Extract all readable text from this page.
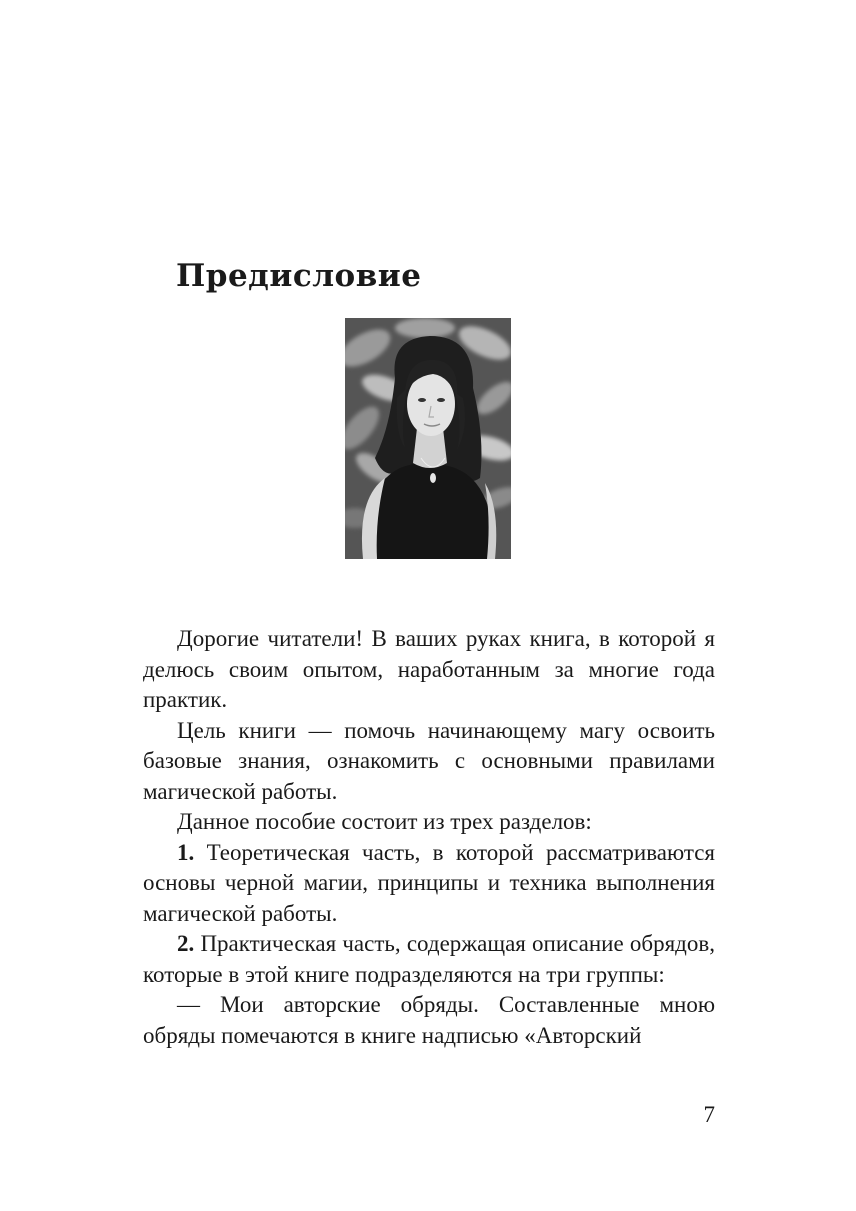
Предисловие

Дорогие читатели! В ваших руках книга, в которой я делюсь своим опытом, наработанным за многие года практик.

Цель книги — помочь начинающему магу освоить базовые знания, ознакомить с основными правилами магической работы.

Данное пособие состоит из трех разделов:

1. Теоретическая часть, в которой рассматриваются основы черной магии, принципы и техника выполнения магической работы.

2. Практическая часть, содержащая описание обрядов, которые в этой книге подразделяются на три группы:

— Мои авторские обряды. Составленные мною обряды помечаются в книге надписью «Авторский

7
